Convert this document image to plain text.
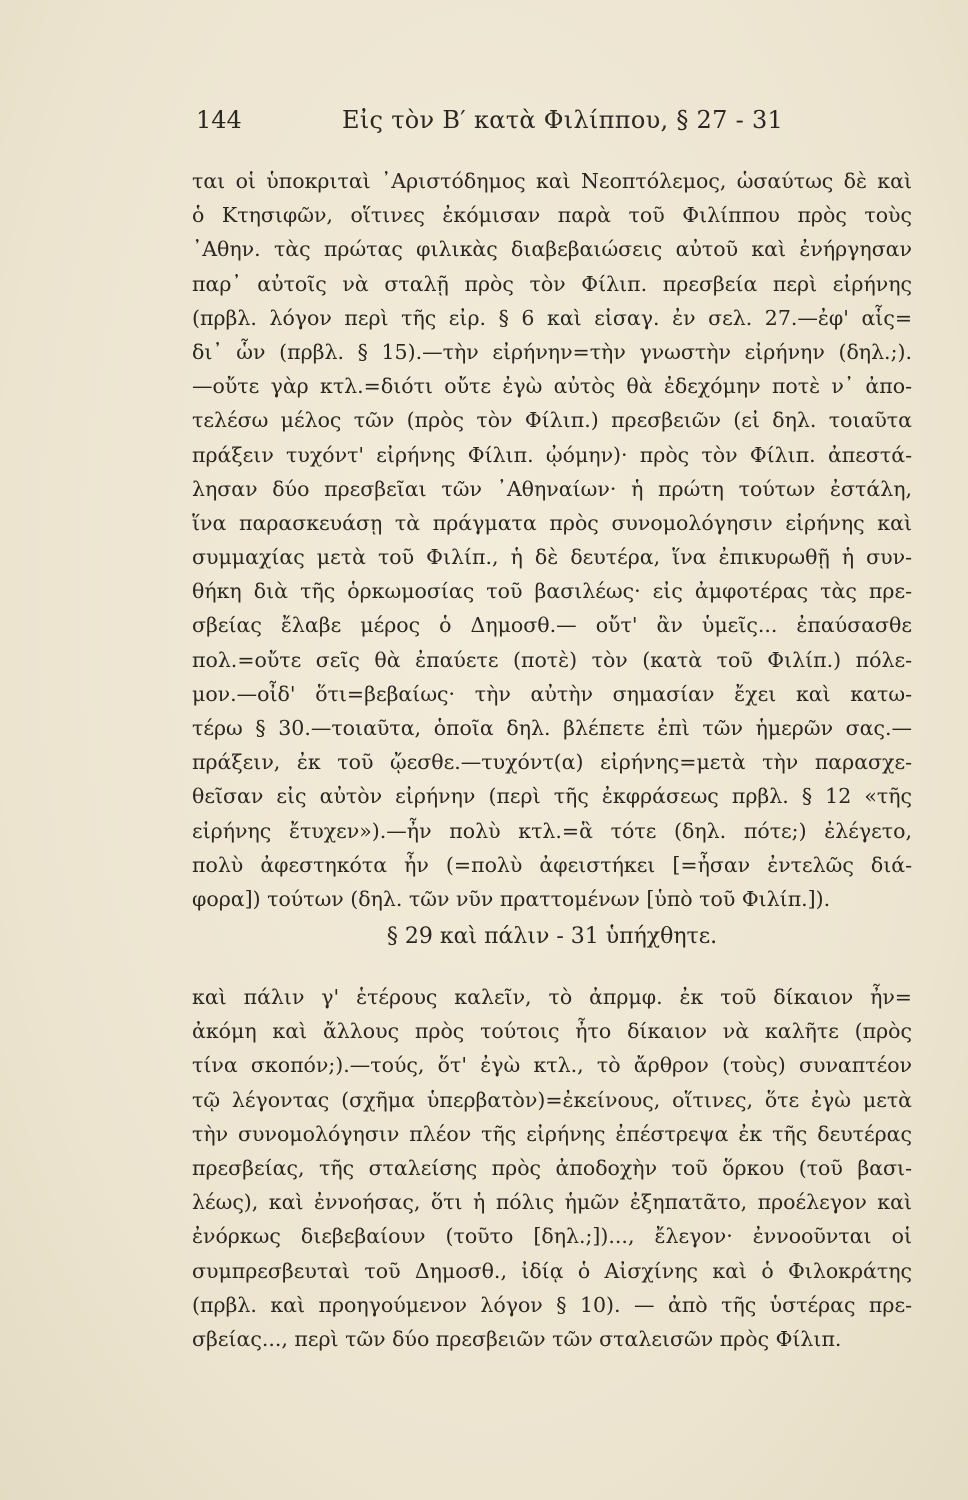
144	Εἰς τὸν Β′ κατὰ Φιλίππου, § 27 - 31
ται οἱ ὑποκριταὶ ᾿Αριστόδημος καὶ Νεοπτόλεμος, ὡσαύτως δὲ καὶ
ὁ Κτησιφῶν, οἵτινες ἐκόμισαν παρὰ τοῦ Φιλίππου πρὸς τοὺς
᾿Αθην. τὰς πρώτας φιλικὰς διαβεβαιώσεις αὐτοῦ καὶ ἐνήργησαν
παρ᾿ αὐτοῖς νὰ σταλῇ πρὸς τὸν Φίλιπ. πρεσβεία περὶ εἰρήνης
(πρβλ. λόγον περὶ τῆς εἰρ. § 6 καὶ εἰσαγ. ἐν σελ. 27.—ἐφ' αἷς=
δι᾿ ὧν (πρβλ. § 15).—τὴν εἰρήνην=τὴν γνωστὴν εἰρήνην (δηλ.;).
—οὔτε γὰρ κτλ.=διότι οὔτε ἐγὼ αὐτὸς θὰ ἐδεχόμην ποτὲ ν᾿ ἀπο-
τελέσω μέλος τῶν (πρὸς τὸν Φίλιπ.) πρεσβειῶν (εἰ δηλ. τοιαῦτα
πράξειν τυχόντ' εἰρήνης Φίλιπ. ᾠόμην)· πρὸς τὸν Φίλιπ. ἀπεστά-
λησαν δύο πρεσβεῖαι τῶν ᾿Αθηναίων· ἡ πρώτη τούτων ἐστάλη,
ἵνα παρασκευάσῃ τὰ πράγματα πρὸς συνομολόγησιν εἰρήνης καὶ
συμμαχίας μετὰ τοῦ Φιλίπ., ἡ δὲ δευτέρα, ἵνα ἐπικυρωθῇ ἡ συν-
θήκη διὰ τῆς ὁρκωμοσίας τοῦ βασιλέως· εἰς ἀμφοτέρας τὰς πρε-
σβείας ἔλαβε μέρος ὁ Δημοσθ.— οὔτ' ἂν ὑμεῖς... ἐπαύσασθε
πολ.=οὔτε σεῖς θὰ ἐπαύετε (ποτὲ) τὸν (κατὰ τοῦ Φιλίπ.) πόλε-
μον.—οἶδ' ὅτι=βεβαίως· τὴν αὐτὴν σημασίαν ἔχει καὶ κατω-
τέρω § 30.—τοιαῦτα, ὁποῖα δηλ. βλέπετε ἐπὶ τῶν ἡμερῶν σας.—
πράξειν, ἐκ τοῦ ᾤεσθε.—τυχόντ(α) εἰρήνης=μετὰ τὴν παρασχε-
θεῖσαν εἰς αὐτὸν εἰρήνην (περὶ τῆς ἐκφράσεως πρβλ. § 12 «τῆς
εἰρήνης ἔτυχεν»).—ἦν πολὺ κτλ.=ἃ τότε (δηλ. πότε;) ἐλέγετο,
πολὺ ἀφεστηκότα ἦν (=πολὺ ἀφειστήκει [=ἦσαν ἐντελῶς διά-
φορα]) τούτων (δηλ. τῶν νῦν πραττομένων [ὑπὸ τοῦ Φιλίπ.]).
§ 29 καὶ πάλιν - 31 ὑπήχθητε.
καὶ πάλιν γ' ἑτέρους καλεῖν, τὸ ἀπρμφ. ἐκ τοῦ δίκαιον ἦν=
ἀκόμη καὶ ἄλλους πρὸς τούτοις ἦτο δίκαιον νὰ καλῆτε (πρὸς
τίνα σκοπόν;).—τούς, ὅτ' ἐγὼ κτλ., τὸ ἄρθρον (τοὺς) συναπτέον
τῷ λέγοντας (σχῆμα ὑπερβατὸν)=ἐκείνους, οἵτινες, ὅτε ἐγὼ μετὰ
τὴν συνομολόγησιν πλέον τῆς εἰρήνης ἐπέστρεψα ἐκ τῆς δευτέρας
πρεσβείας, τῆς σταλείσης πρὸς ἀποδοχὴν τοῦ ὅρκου (τοῦ βασι-
λέως), καὶ ἐννοήσας, ὅτι ἡ πόλις ἡμῶν ἐξηπατᾶτο, προέλεγον καὶ
ἐνόρκως διεβεβαίουν (τοῦτο [δηλ.;])..., ἔλεγον· ἐννοοῦνται οἱ
συμπρεσβευταὶ τοῦ Δημοσθ., ἰδίᾳ ὁ Αἰσχίνης καὶ ὁ Φιλοκράτης
(πρβλ. καὶ προηγούμενον λόγον § 10). — ἀπὸ τῆς ὑστέρας πρε-
σβείας..., περὶ τῶν δύο πρεσβειῶν τῶν σταλεισῶν πρὸς Φίλιπ.
